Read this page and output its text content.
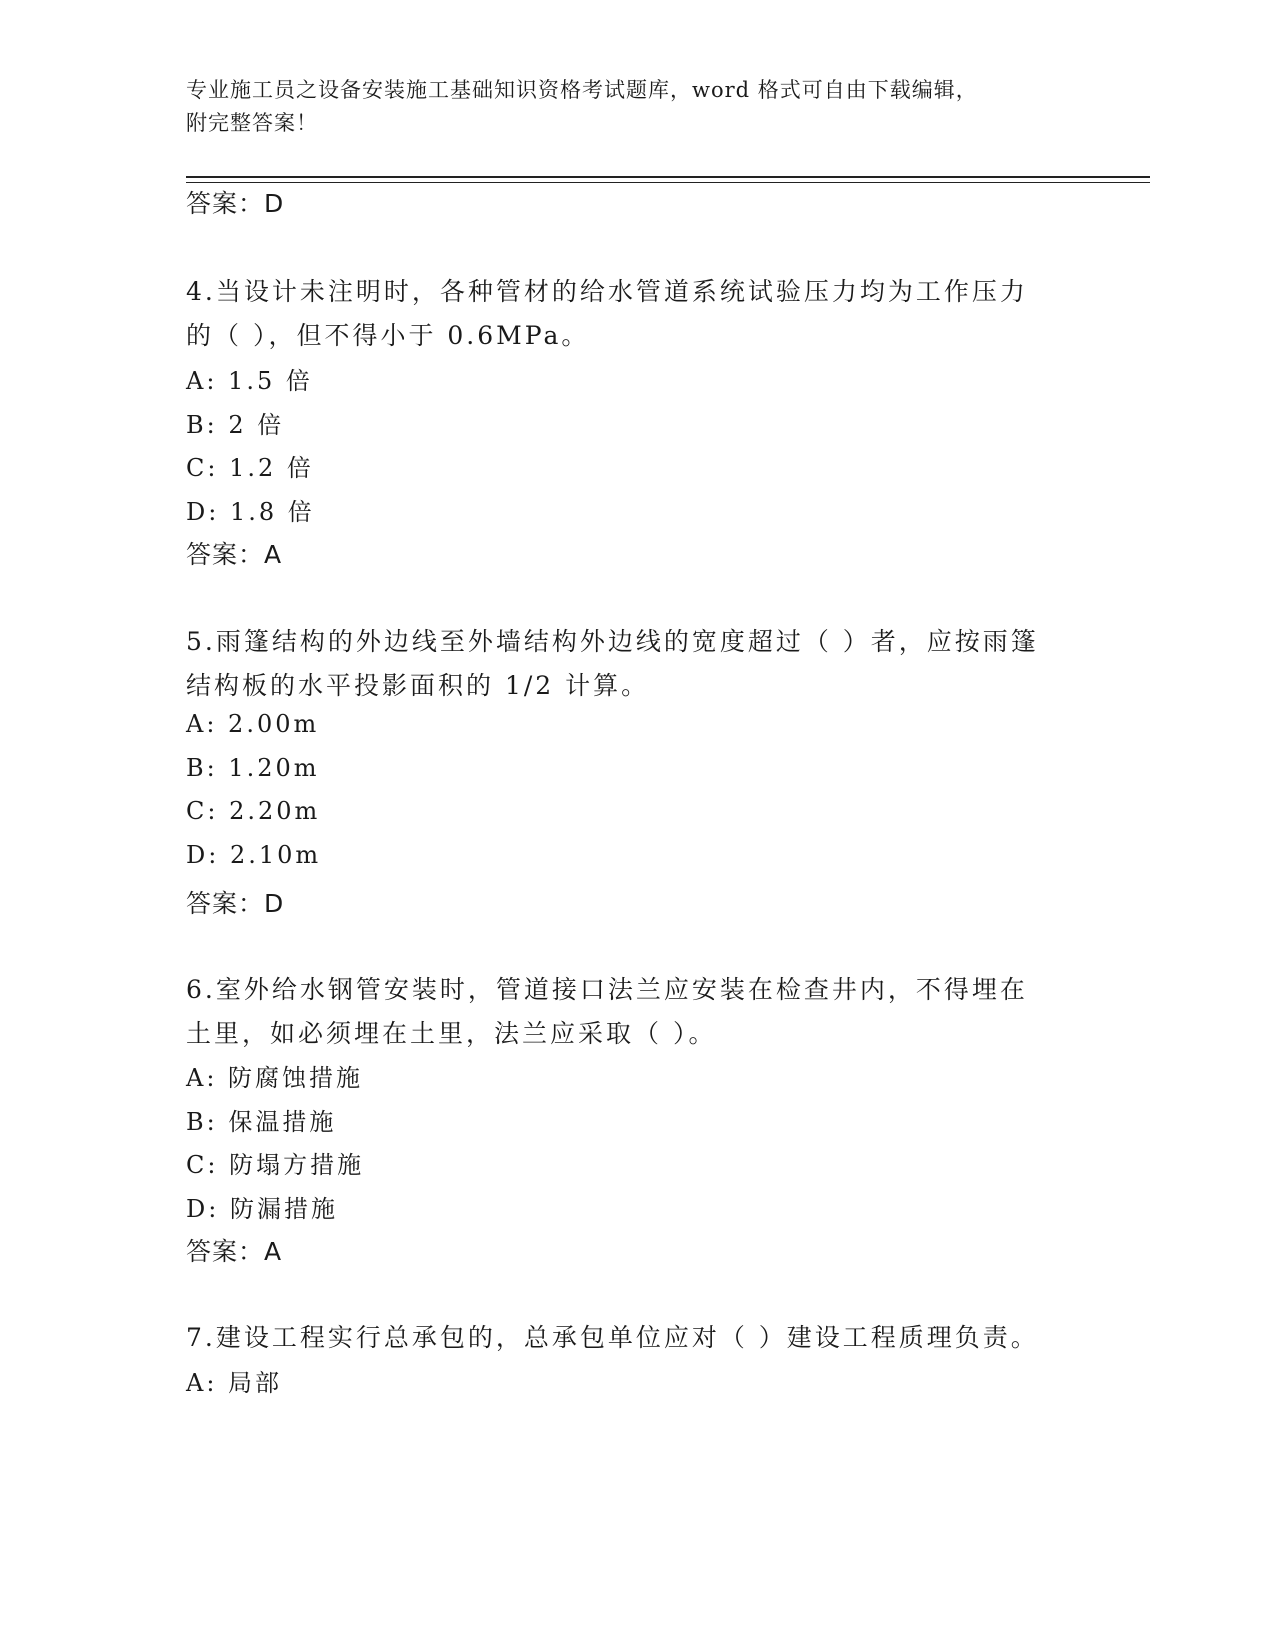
专业施工员之设备安装施工基础知识资格考试题库，word 格式可自由下载编辑，
附完整答案！
答案：D
4.当设计未注明时，各种管材的给水管道系统试验压力均为工作压力
的（ ），但不得小于 0.6MPa。
A: 1.5 倍
B: 2 倍
C: 1.2 倍
D: 1.8 倍
答案：A
5.雨篷结构的外边线至外墙结构外边线的宽度超过（ ）者，应按雨篷
结构板的水平投影面积的 1/2 计算。
A: 2.00m
B: 1.20m
C: 2.20m
D: 2.10m
答案：D
6.室外给水钢管安装时，管道接口法兰应安装在检查井内，不得埋在
土里，如必须埋在土里，法兰应采取（ ）。
A: 防腐蚀措施
B: 保温措施
C: 防塌方措施
D: 防漏措施
答案：A
7.建设工程实行总承包的，总承包单位应对（ ）建设工程质理负责。
A: 局部
